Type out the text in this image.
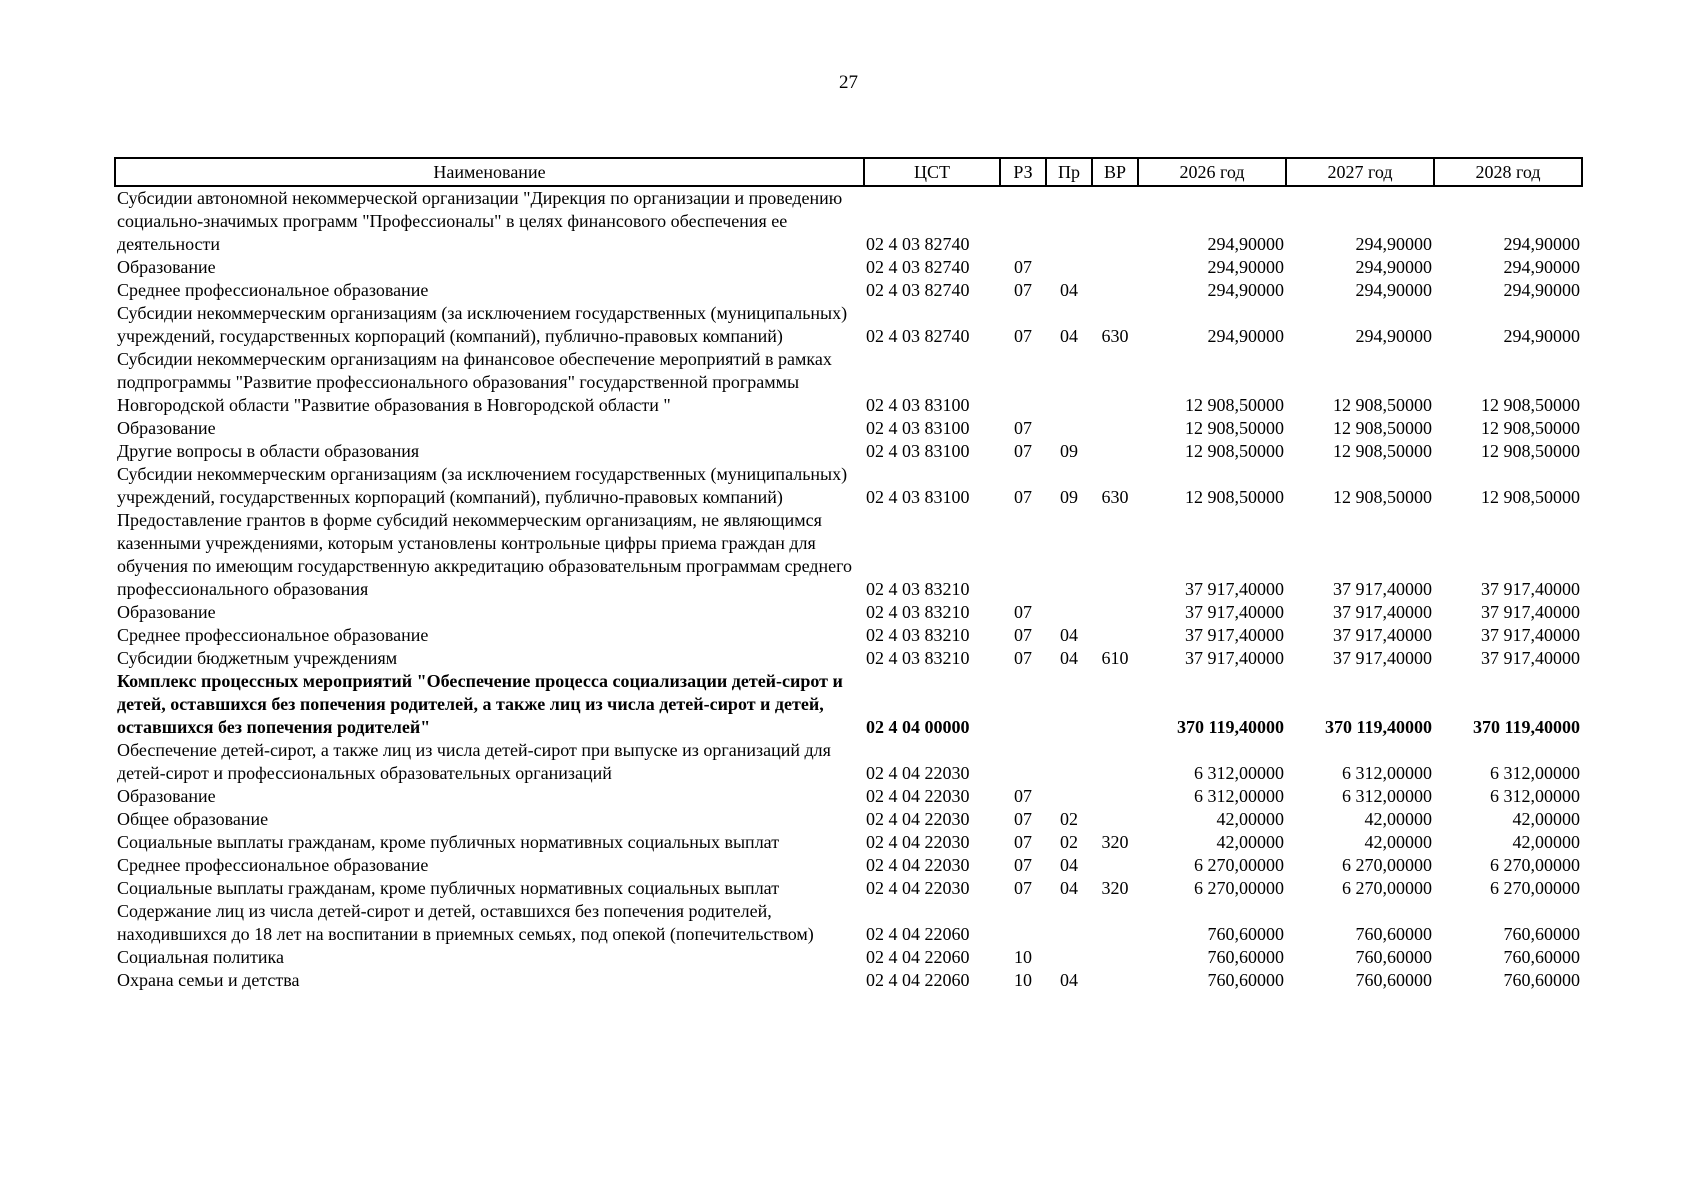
27
Наименование	ЦСТ	РЗ	Пр	ВР	2026 год	2027 год	2028 год
Субсидии автономной некоммерческой организации "Дирекция по организации и проведению социально-значимых программ "Профессионалы" в целях финансового обеспечения ее деятельности	02 4 03 82740				294,90000	294,90000	294,90000
Образование	02 4 03 82740	07			294,90000	294,90000	294,90000
Среднее профессиональное образование	02 4 03 82740	07	04		294,90000	294,90000	294,90000
Субсидии некоммерческим организациям (за исключением государственных (муниципальных) учреждений, государственных корпораций (компаний), публично-правовых компаний)	02 4 03 82740	07	04	630	294,90000	294,90000	294,90000
Субсидии некоммерческим организациям на финансовое обеспечение мероприятий в рамках подпрограммы "Развитие профессионального образования" государственной программы Новгородской области "Развитие образования в Новгородской области "	02 4 03 83100				12 908,50000	12 908,50000	12 908,50000
Образование	02 4 03 83100	07			12 908,50000	12 908,50000	12 908,50000
Другие вопросы в области образования	02 4 03 83100	07	09		12 908,50000	12 908,50000	12 908,50000
Субсидии некоммерческим организациям (за исключением государственных (муниципальных) учреждений, государственных корпораций (компаний), публично-правовых компаний)	02 4 03 83100	07	09	630	12 908,50000	12 908,50000	12 908,50000
Предоставление грантов в форме субсидий некоммерческим организациям, не являющимся казенными учреждениями, которым установлены контрольные цифры приема граждан для обучения по имеющим государственную аккредитацию образовательным программам среднего профессионального образования	02 4 03 83210				37 917,40000	37 917,40000	37 917,40000
Образование	02 4 03 83210	07			37 917,40000	37 917,40000	37 917,40000
Среднее профессиональное образование	02 4 03 83210	07	04		37 917,40000	37 917,40000	37 917,40000
Субсидии бюджетным учреждениям	02 4 03 83210	07	04	610	37 917,40000	37 917,40000	37 917,40000
Комплекс процессных мероприятий "Обеспечение процесса социализации детей-сирот и детей, оставшихся без попечения родителей, а также лиц из числа детей-сирот и детей, оставшихся без попечения родителей"	02 4 04 00000				370 119,40000	370 119,40000	370 119,40000
Обеспечение детей-сирот, а также лиц из числа детей-сирот при выпуске из организаций для детей-сирот и профессиональных образовательных организаций	02 4 04 22030				6 312,00000	6 312,00000	6 312,00000
Образование	02 4 04 22030	07			6 312,00000	6 312,00000	6 312,00000
Общее образование	02 4 04 22030	07	02		42,00000	42,00000	42,00000
Социальные выплаты гражданам, кроме публичных нормативных социальных выплат	02 4 04 22030	07	02	320	42,00000	42,00000	42,00000
Среднее профессиональное образование	02 4 04 22030	07	04		6 270,00000	6 270,00000	6 270,00000
Социальные выплаты гражданам, кроме публичных нормативных социальных выплат	02 4 04 22030	07	04	320	6 270,00000	6 270,00000	6 270,00000
Содержание лиц из числа детей-сирот и детей, оставшихся без попечения родителей, находившихся до 18 лет на воспитании в приемных семьях, под опекой (попечительством)	02 4 04 22060				760,60000	760,60000	760,60000
Социальная политика	02 4 04 22060	10			760,60000	760,60000	760,60000
Охрана семьи и детства	02 4 04 22060	10	04		760,60000	760,60000	760,60000
